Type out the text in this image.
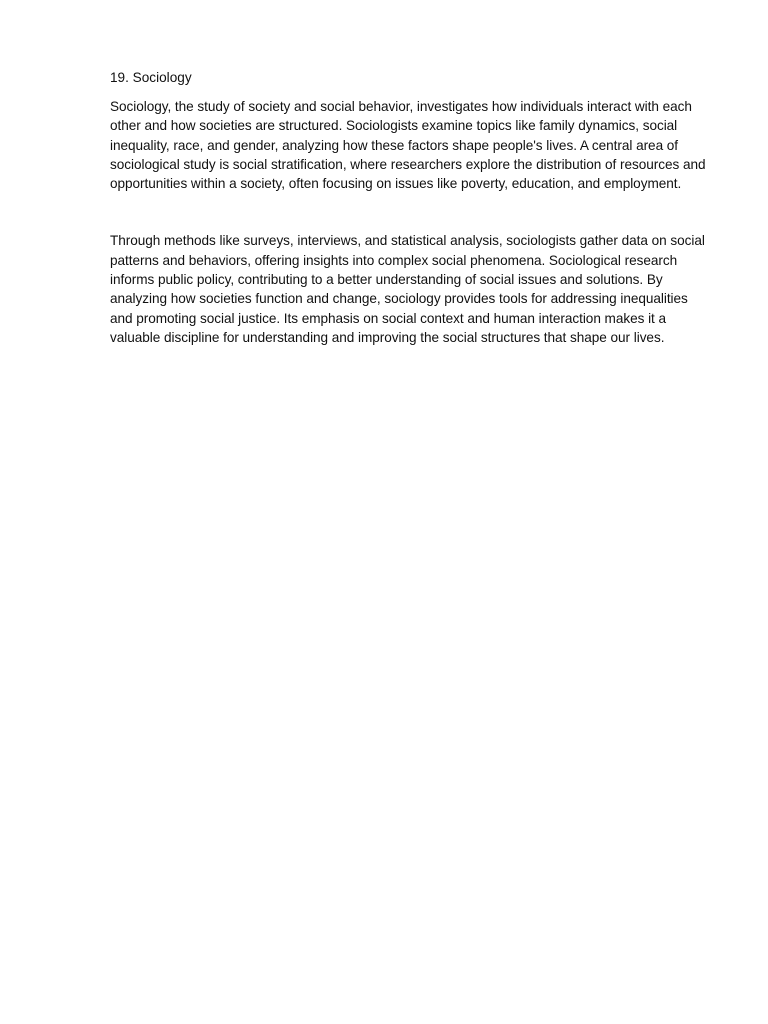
19. Sociology

Sociology, the study of society and social behavior, investigates how individuals interact with each other and how societies are structured. Sociologists examine topics like family dynamics, social inequality, race, and gender, analyzing how these factors shape people's lives. A central area of sociological study is social stratification, where researchers explore the distribution of resources and opportunities within a society, often focusing on issues like poverty, education, and employment.

Through methods like surveys, interviews, and statistical analysis, sociologists gather data on social patterns and behaviors, offering insights into complex social phenomena. Sociological research informs public policy, contributing to a better understanding of social issues and solutions. By analyzing how societies function and change, sociology provides tools for addressing inequalities and promoting social justice. Its emphasis on social context and human interaction makes it a valuable discipline for understanding and improving the social structures that shape our lives.
